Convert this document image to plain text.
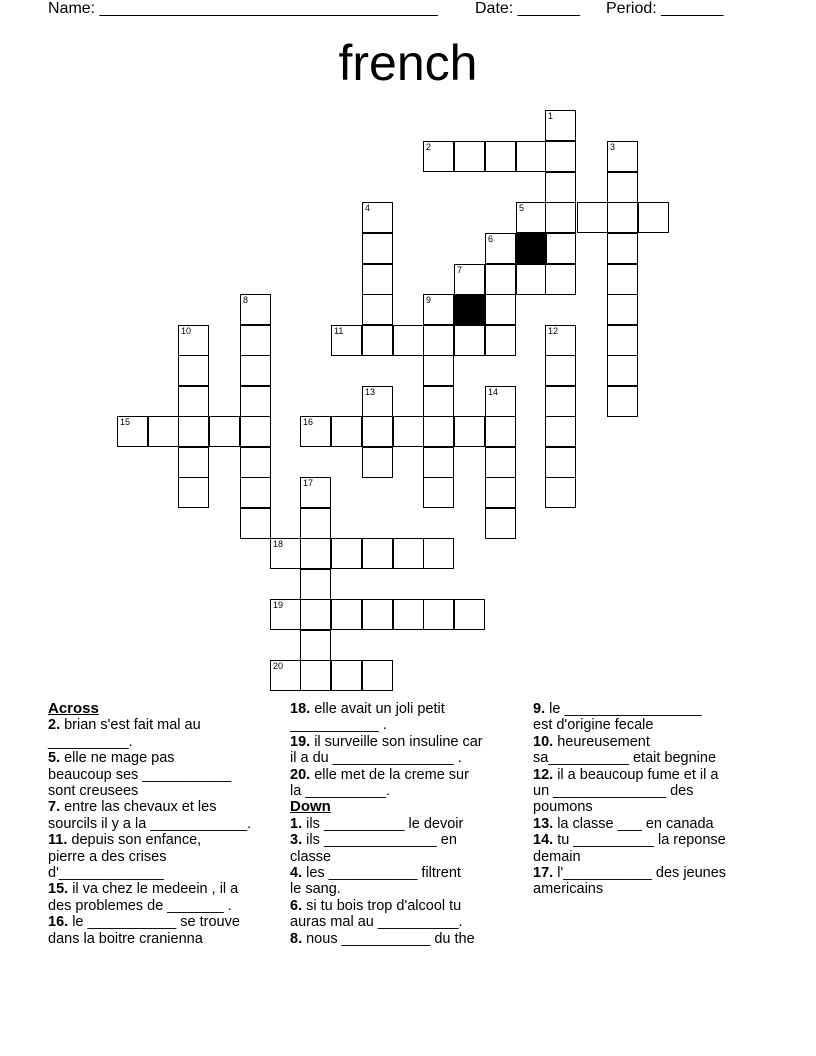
Name: ______________________________________ Date: _______ Period: _______
french
1
2	3
4	5
6
7
8	9
10	11	12
13	14
15	16
17
18
19
20
Across
2. brian s'est fait mal au
__________.
5. elle ne mage pas
beaucoup ses ___________
sont creusees
7. entre las chevaux et les
sourcils il y a la ____________.
11. depuis son enfance,
pierre a des crises
d'_____________
15. il va chez le medeein , il a
des problemes de _______ .
16. le ___________ se trouve
dans la boitre cranienna
18. elle avait un joli petit
___________ .
19. il surveille son insuline car
il a du _______________ .
20. elle met de la creme sur
la __________.
Down
1. ils __________ le devoir
3. ils ______________ en
classe
4. les ___________ filtrent
le sang.
6. si tu bois trop d'alcool tu
auras mal au __________.
8. nous ___________ du the
9. le _________________
est d'origine fecale
10. heureusement
sa__________ etait begnine
12. il a beaucoup fume et il a
un ______________ des
poumons
13. la classe ___ en canada
14. tu __________ la reponse
demain
17. l'___________ des jeunes
americains
